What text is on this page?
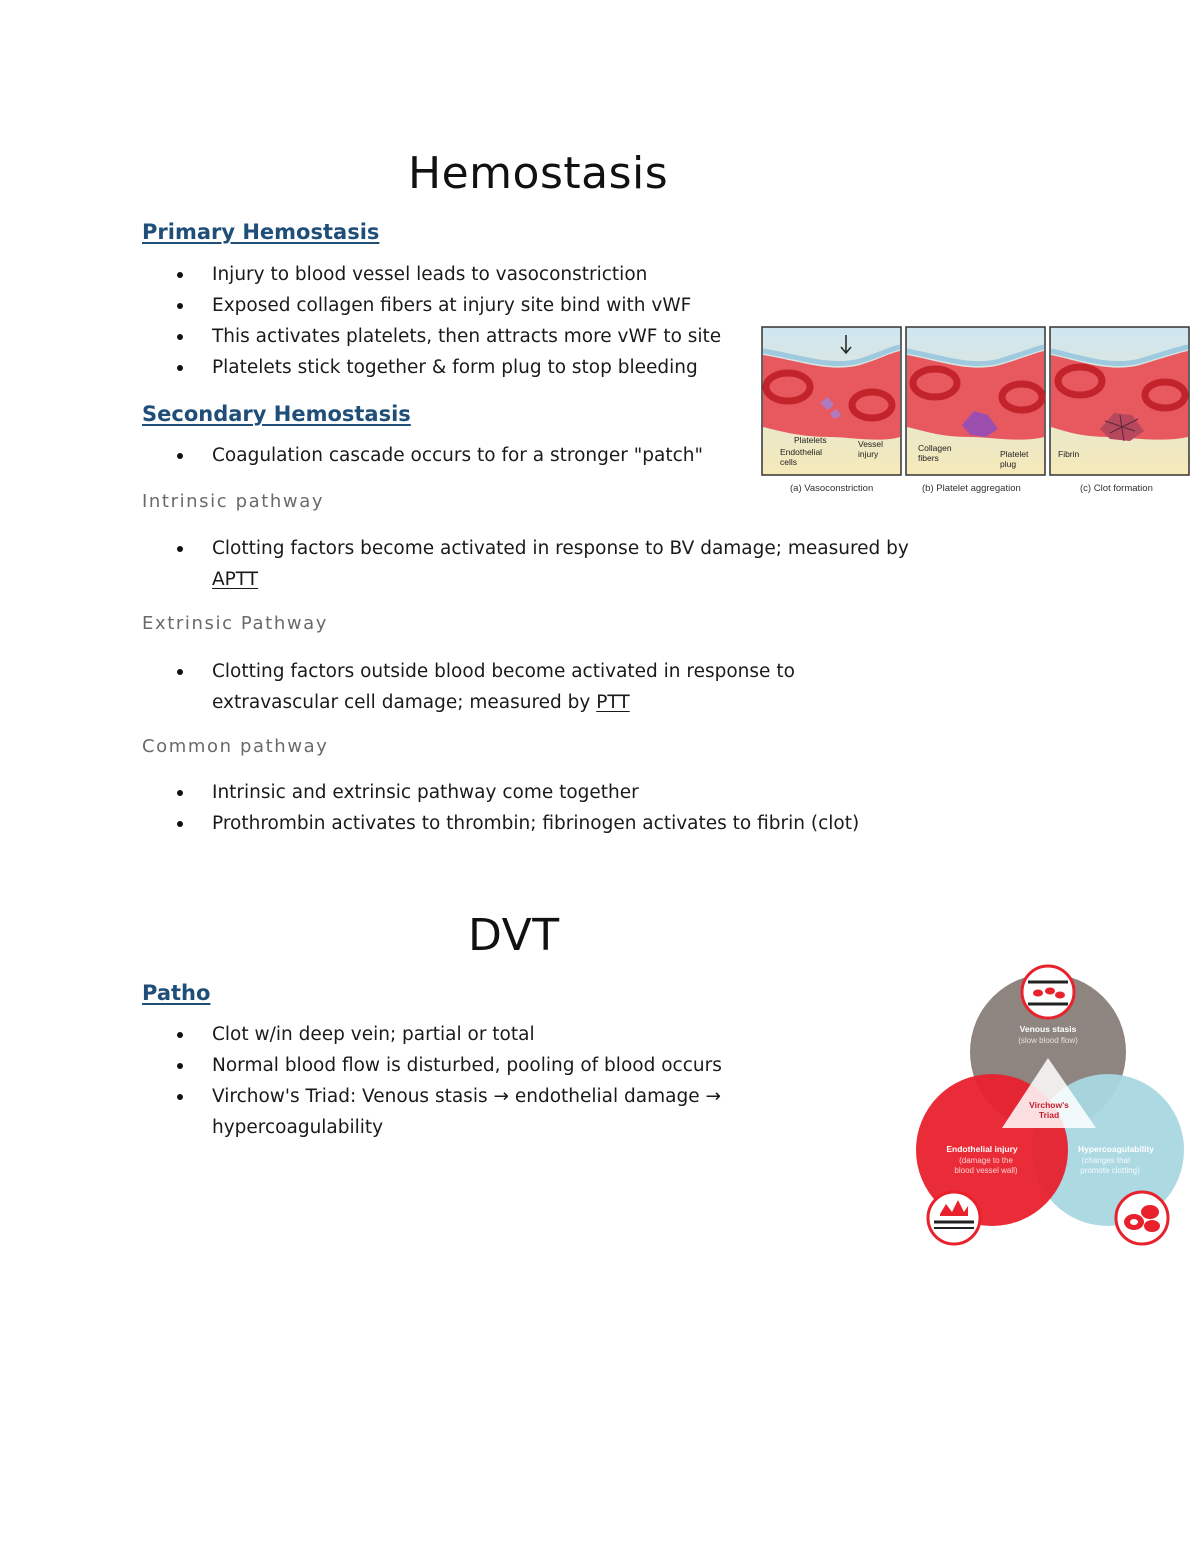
Hemostasis
Primary Hemostasis
Injury to blood vessel leads to vasoconstriction
Exposed collagen fibers at injury site bind with vWF
This activates platelets, then attracts more vWF to site
Platelets stick together & form plug to stop bleeding
Secondary Hemostasis
Coagulation cascade occurs to for a stronger "patch"
Intrinsic pathway
Clotting factors become activated in response to BV damage; measured by APTT
Extrinsic Pathway
Clotting factors outside blood become activated in response to extravascular cell damage; measured by PTT
Common pathway
Intrinsic and extrinsic pathway come together
Prothrombin activates to thrombin; fibrinogen activates to fibrin (clot)
Platelets
Endothelial
cells
Vessel
injury
(a) Vasoconstriction
Collagen
fibers	Platelet
plug
(b) Platelet aggregation
Fibrin
(c) Clot formation
DVT
Patho
Clot w/in deep vein; partial or total
Normal blood flow is disturbed, pooling of blood occurs
Virchow's Triad: Venous stasis → endothelial damage → hypercoagulability
Virchow's
Triad
Venous stasis
(slow blood flow)
Endothelial injury
(damage to the
blood vessel wall)
Hypercoagulability
(changes that
promote clotting)
